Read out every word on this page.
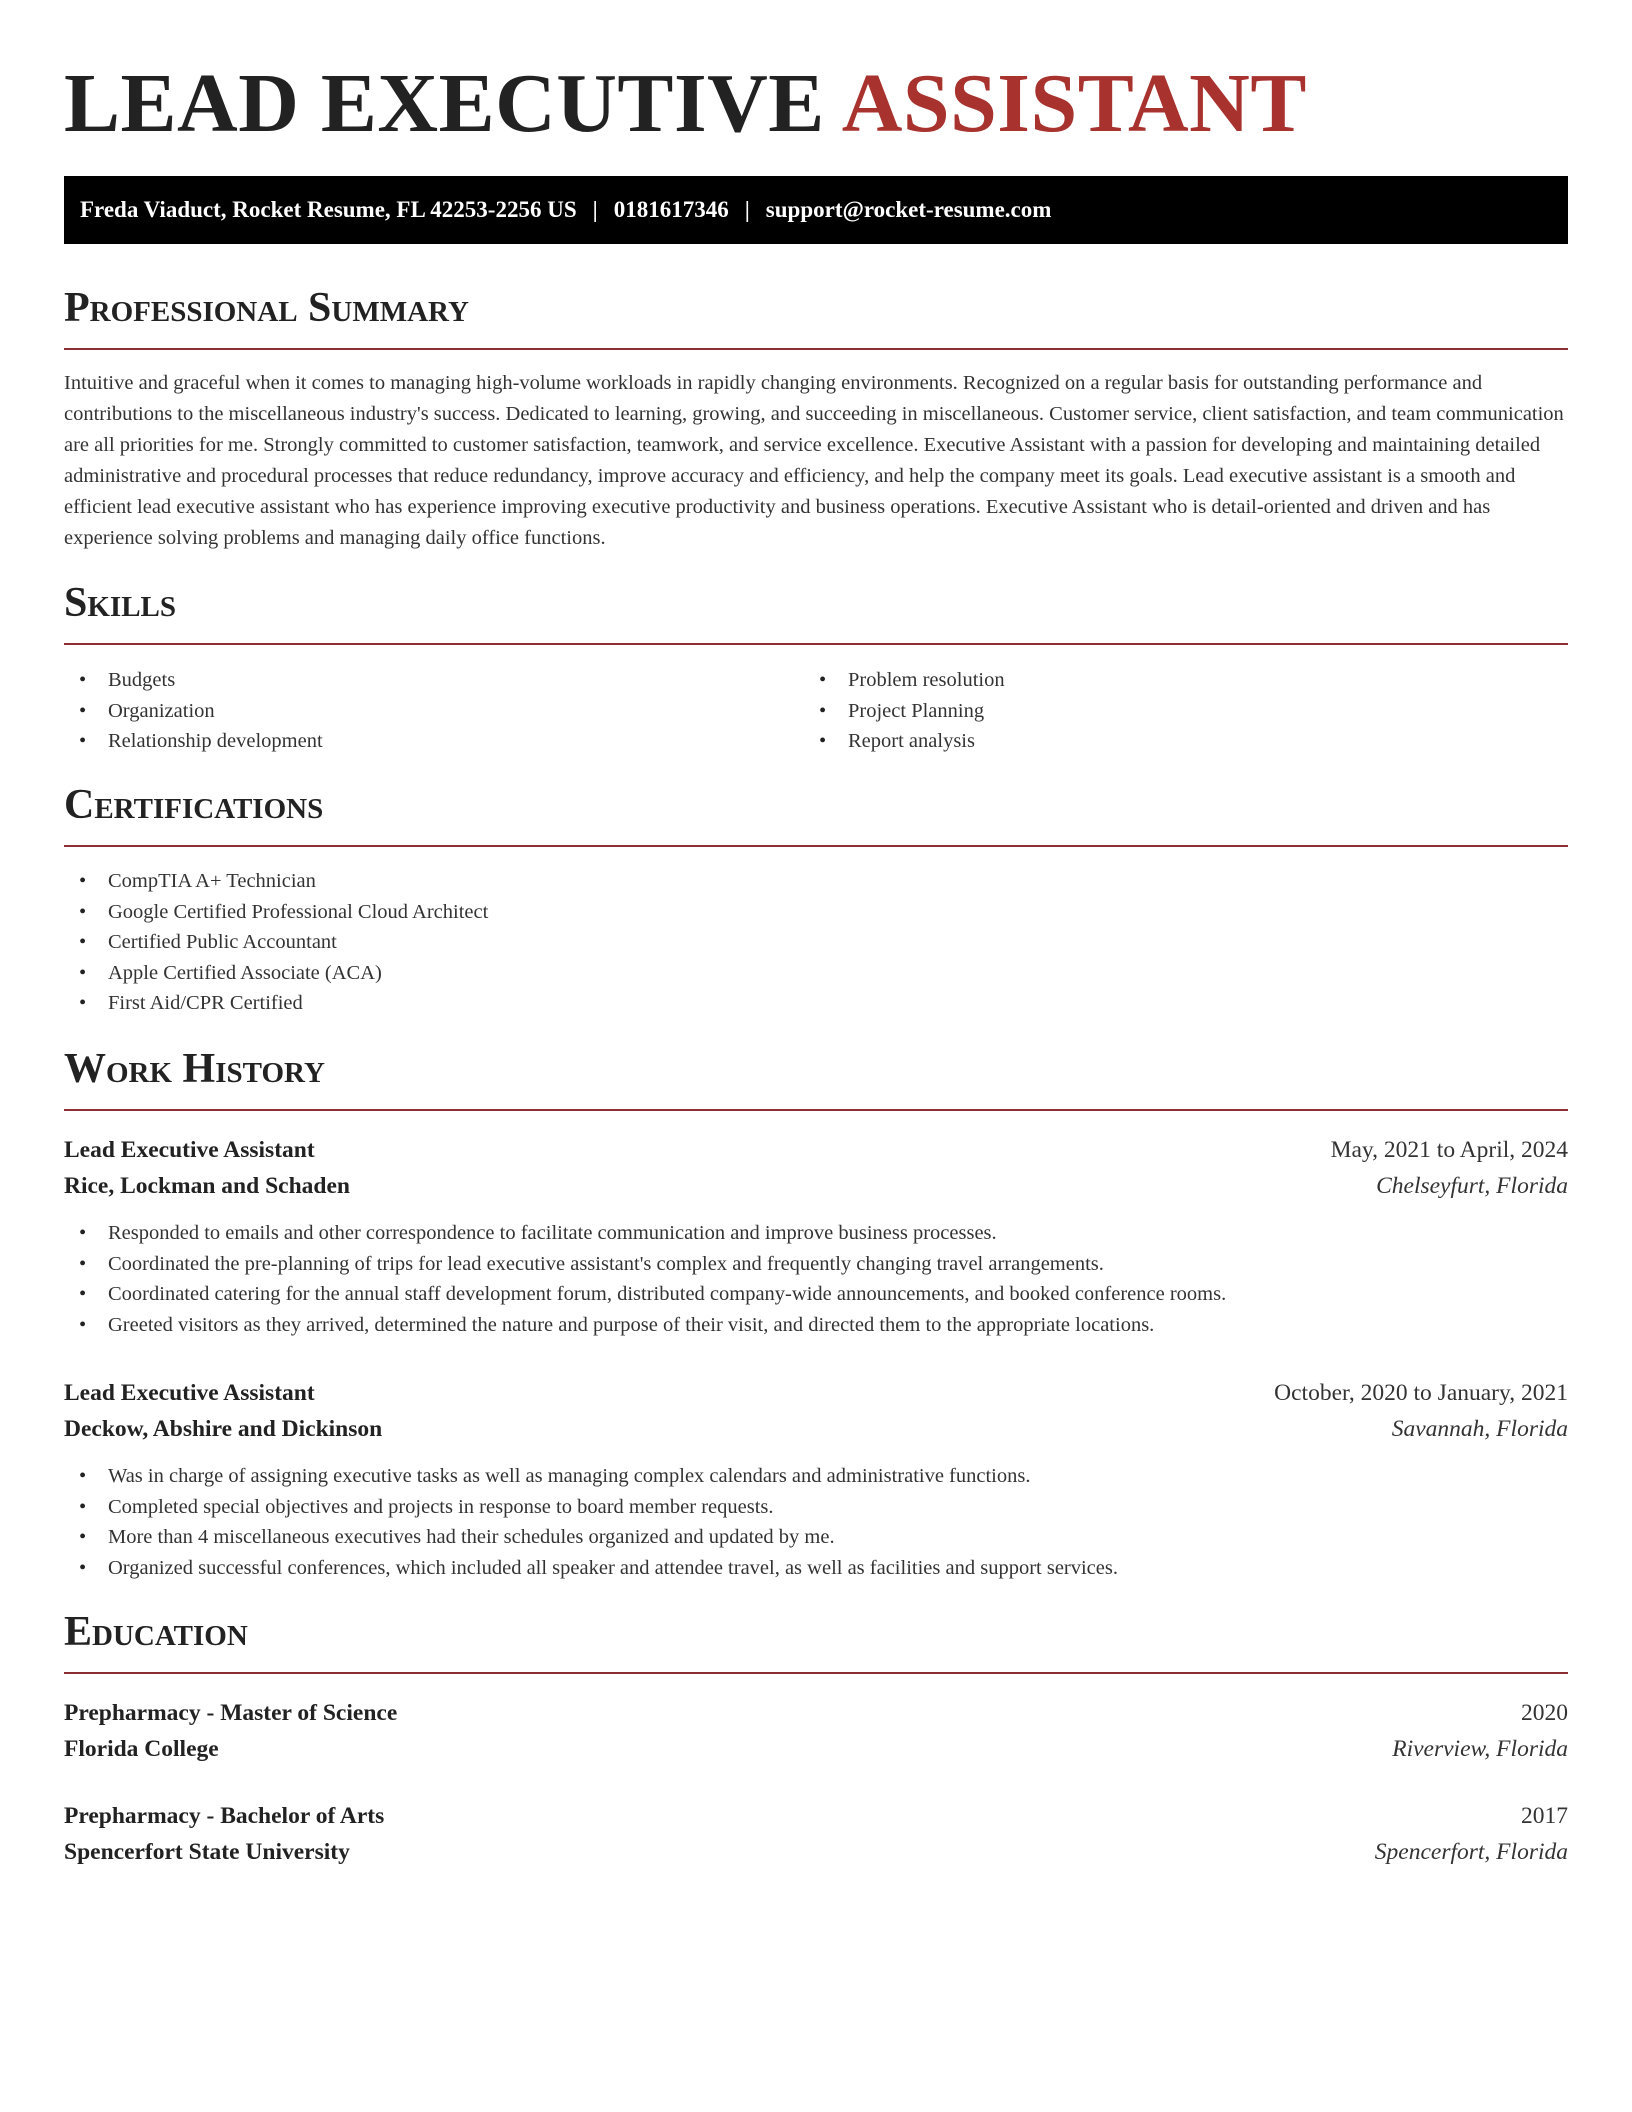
LEAD EXECUTIVE ASSISTANT
Freda Viaduct, Rocket Resume, FL 42253-2256 US | 0181617346 | support@rocket-resume.com
Professional Summary

Intuitive and graceful when it comes to managing high-volume workloads in rapidly changing environments. Recognized on a regular basis for outstanding performance and contributions to the miscellaneous industry's success. Dedicated to learning, growing, and succeeding in miscellaneous. Customer service, client satisfaction, and team communication are all priorities for me. Strongly committed to customer satisfaction, teamwork, and service excellence. Executive Assistant with a passion for developing and maintaining detailed administrative and procedural processes that reduce redundancy, improve accuracy and efficiency, and help the company meet its goals. Lead executive assistant is a smooth and efficient lead executive assistant who has experience improving executive productivity and business operations. Executive Assistant who is detail-oriented and driven and has experience solving problems and managing daily office functions.

Skills
• Budgets
• Organization
• Relationship development
• Problem resolution
• Project Planning
• Report analysis
Certifications
• CompTIA A+ Technician
• Google Certified Professional Cloud Architect
• Certified Public Accountant
• Apple Certified Associate (ACA)
• First Aid/CPR Certified
Work History
Lead Executive Assistant	May, 2021 to April, 2024
Rice, Lockman and Schaden	Chelseyfurt, Florida
• Responded to emails and other correspondence to facilitate communication and improve business processes.
• Coordinated the pre-planning of trips for lead executive assistant's complex and frequently changing travel arrangements.
• Coordinated catering for the annual staff development forum, distributed company-wide announcements, and booked conference rooms.
• Greeted visitors as they arrived, determined the nature and purpose of their visit, and directed them to the appropriate locations.
Lead Executive Assistant	October, 2020 to January, 2021
Deckow, Abshire and Dickinson	Savannah, Florida
• Was in charge of assigning executive tasks as well as managing complex calendars and administrative functions.
• Completed special objectives and projects in response to board member requests.
• More than 4 miscellaneous executives had their schedules organized and updated by me.
• Organized successful conferences, which included all speaker and attendee travel, as well as facilities and support services.
Education
Prepharmacy - Master of Science	2020
Florida College	Riverview, Florida
Prepharmacy - Bachelor of Arts	2017
Spencerfort State University	Spencerfort, Florida
